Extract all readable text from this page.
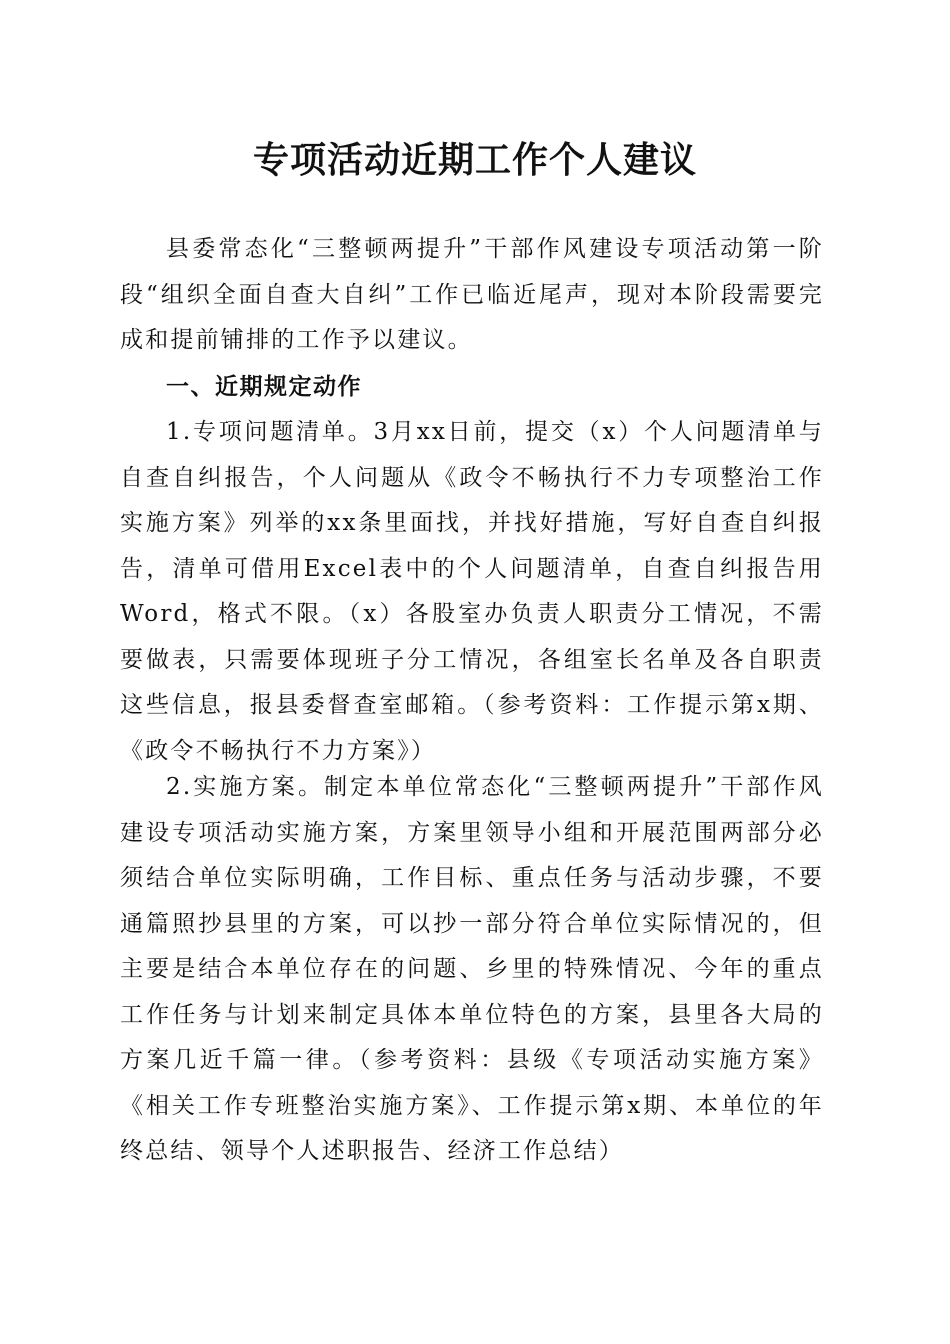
专项活动近期工作个人建议

县委常态化“三整顿两提升”干部作风建设专项活动第一阶段“组织全面自查大自纠”工作已临近尾声，现对本阶段需要完成和提前铺排的工作予以建议。

一、近期规定动作

1.专项问题清单。3月xx日前，提交（x）个人问题清单与自查自纠报告，个人问题从《政令不畅执行不力专项整治工作实施方案》列举的xx条里面找，并找好措施，写好自查自纠报告，清单可借用Excel表中的个人问题清单，自查自纠报告用Word，格式不限。（x）各股室办负责人职责分工情况，不需要做表，只需要体现班子分工情况，各组室长名单及各自职责这些信息，报县委督查室邮箱。（参考资料：工作提示第x期、《政令不畅执行不力方案》）

2.实施方案。制定本单位常态化“三整顿两提升”干部作风建设专项活动实施方案，方案里领导小组和开展范围两部分必须结合单位实际明确，工作目标、重点任务与活动步骤，不要通篇照抄县里的方案，可以抄一部分符合单位实际情况的，但主要是结合本单位存在的问题、乡里的特殊情况、今年的重点工作任务与计划来制定具体本单位特色的方案，县里各大局的方案几近千篇一律。（参考资料：县级《专项活动实施方案》《相关工作专班整治实施方案》、工作提示第x期、本单位的年终总结、领导个人述职报告、经济工作总结）
